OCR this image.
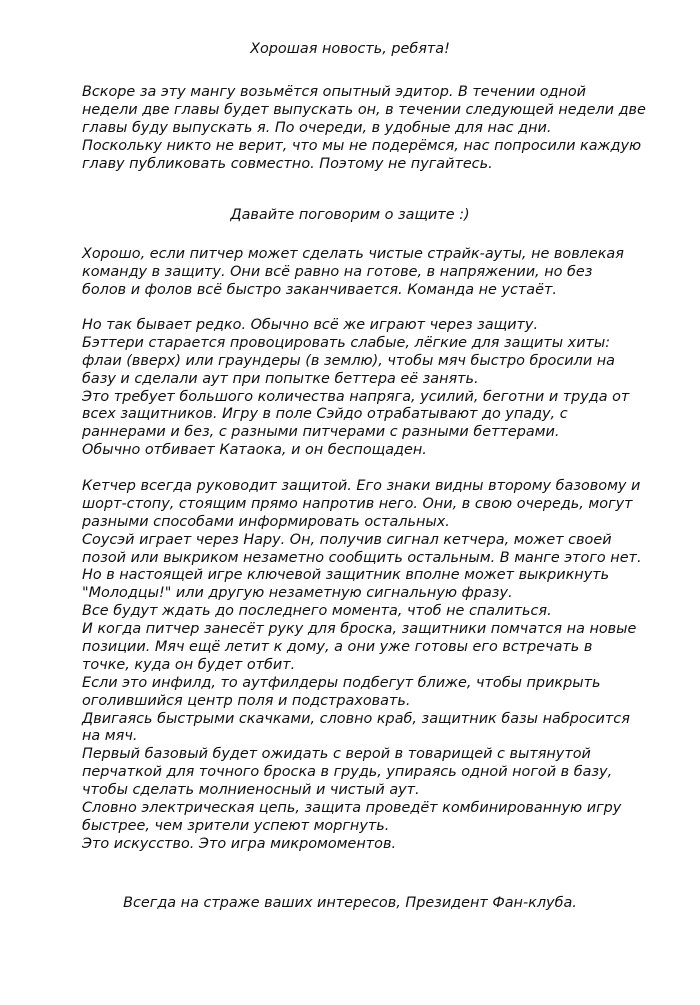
Хорошая новость, ребята!

Вскоре за эту мангу возьмётся опытный эдитор. В течении одной
недели две главы будет выпускать он, в течении следующей недели две
главы буду выпускать я. По очереди, в удобные для нас дни.
Поскольку никто не верит, что мы не подерёмся, нас попросили каждую
главу публиковать совместно. Поэтому не пугайтесь.

Давайте поговорим о защите :)

Хорошо, если питчер может сделать чистые страйк-ауты, не вовлекая
команду в защиту. Они всё равно на готове, в напряжении, но без
болов и фолов всё быстро заканчивается. Команда не устаёт.
Но так бывает редко. Обычно всё же играют через защиту.
Бэттери старается провоцировать слабые, лёгкие для защиты хиты:
флаи (вверх) или граундеры (в землю), чтобы мяч быстро бросили на
базу и сделали аут при попытке беттера её занять.
Это требует большого количества напряга, усилий, беготни и труда от
всех защитников. Игру в поле Сэйдо отрабатывают до упаду, с
раннерами и без, с разными питчерами с разными беттерами.
Обычно отбивает Катаока, и он беспощаден.
Кетчер всегда руководит защитой. Его знаки видны второму базовому и
шорт-стопу, стоящим прямо напротив него. Они, в свою очередь, могут
разными способами информировать остальных.
Соусэй играет через Нару. Он, получив сигнал кетчера, может своей
позой или выкриком незаметно сообщить остальным. В манге этого нет.
Но в настоящей игре ключевой защитник вполне может выкрикнуть
"Молодцы!" или другую незаметную сигнальную фразу.
Все будут ждать до последнего момента, чтоб не спалиться.
И когда питчер занесёт руку для броска, защитники помчатся на новые
позиции. Мяч ещё летит к дому, а они уже готовы его встречать в
точке, куда он будет отбит.
Если это инфилд, то аутфилдеры подбегут ближе, чтобы прикрыть
оголившийся центр поля и подстраховать.
Двигаясь быстрыми скачками, словно краб, защитник базы набросится
на мяч.
Первый базовый будет ожидать с верой в товарищей с вытянутой
перчаткой для точного броска в грудь, упираясь одной ногой в базу,
чтобы сделать молниеносный и чистый аут.
Словно электрическая цепь, защита проведёт комбинированную игру
быстрее, чем зрители успеют моргнуть.
Это искусство. Это игра микромоментов.

Всегда на страже ваших интересов, Президент Фан-клуба.
